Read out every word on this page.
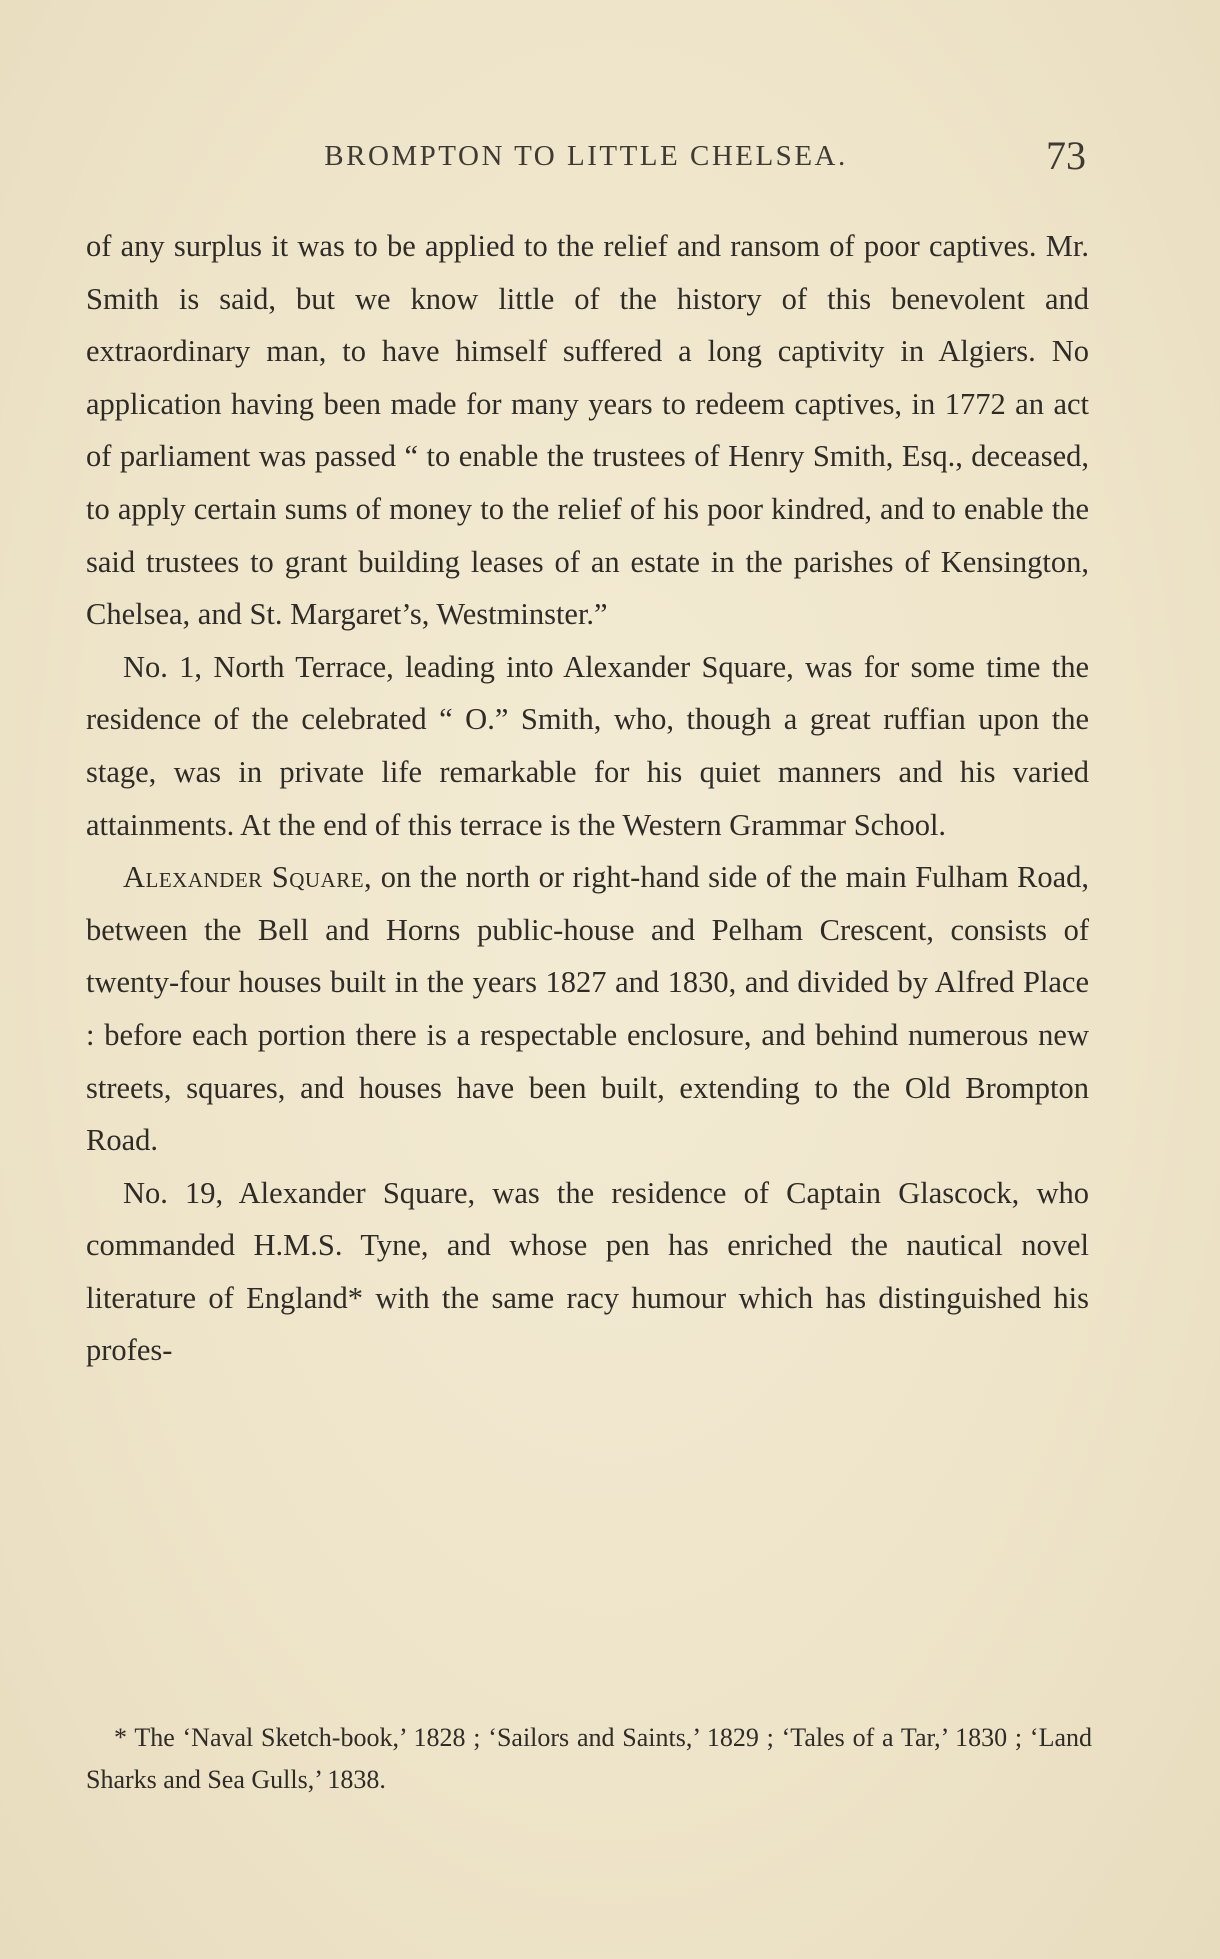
BROMPTON TO LITTLE CHELSEA.	73

of any surplus it was to be applied to the relief and ransom of poor captives. Mr. Smith is said, but we know little of the history of this benevolent and extraordinary man, to have himself suffered a long captivity in Algiers. No application having been made for many years to redeem captives, in 1772 an act of parliament was passed “ to enable the trustees of Henry Smith, Esq., deceased, to apply certain sums of money to the relief of his poor kindred, and to enable the said trustees to grant building leases of an estate in the parishes of Kensington, Chelsea, and St. Margaret’s, Westminster.”

No. 1, North Terrace, leading into Alexander Square, was for some time the residence of the celebrated “ O.” Smith, who, though a great ruffian upon the stage, was in private life remarkable for his quiet manners and his varied attainments. At the end of this terrace is the Western Grammar School.

Alexander Square, on the north or right-hand side of the main Fulham Road, between the Bell and Horns public-house and Pelham Crescent, consists of twenty-four houses built in the years 1827 and 1830, and divided by Alfred Place : before each portion there is a respectable enclosure, and behind numerous new streets, squares, and houses have been built, extending to the Old Brompton Road.

No. 19, Alexander Square, was the residence of Captain Glascock, who commanded H.M.S. Tyne, and whose pen has enriched the nautical novel literature of England* with the same racy humour which has distinguished his profes-

* The ‘Naval Sketch-book,’ 1828 ; ‘Sailors and Saints,’ 1829 ; ‘Tales of a Tar,’ 1830 ; ‘Land Sharks and Sea Gulls,’ 1838.
